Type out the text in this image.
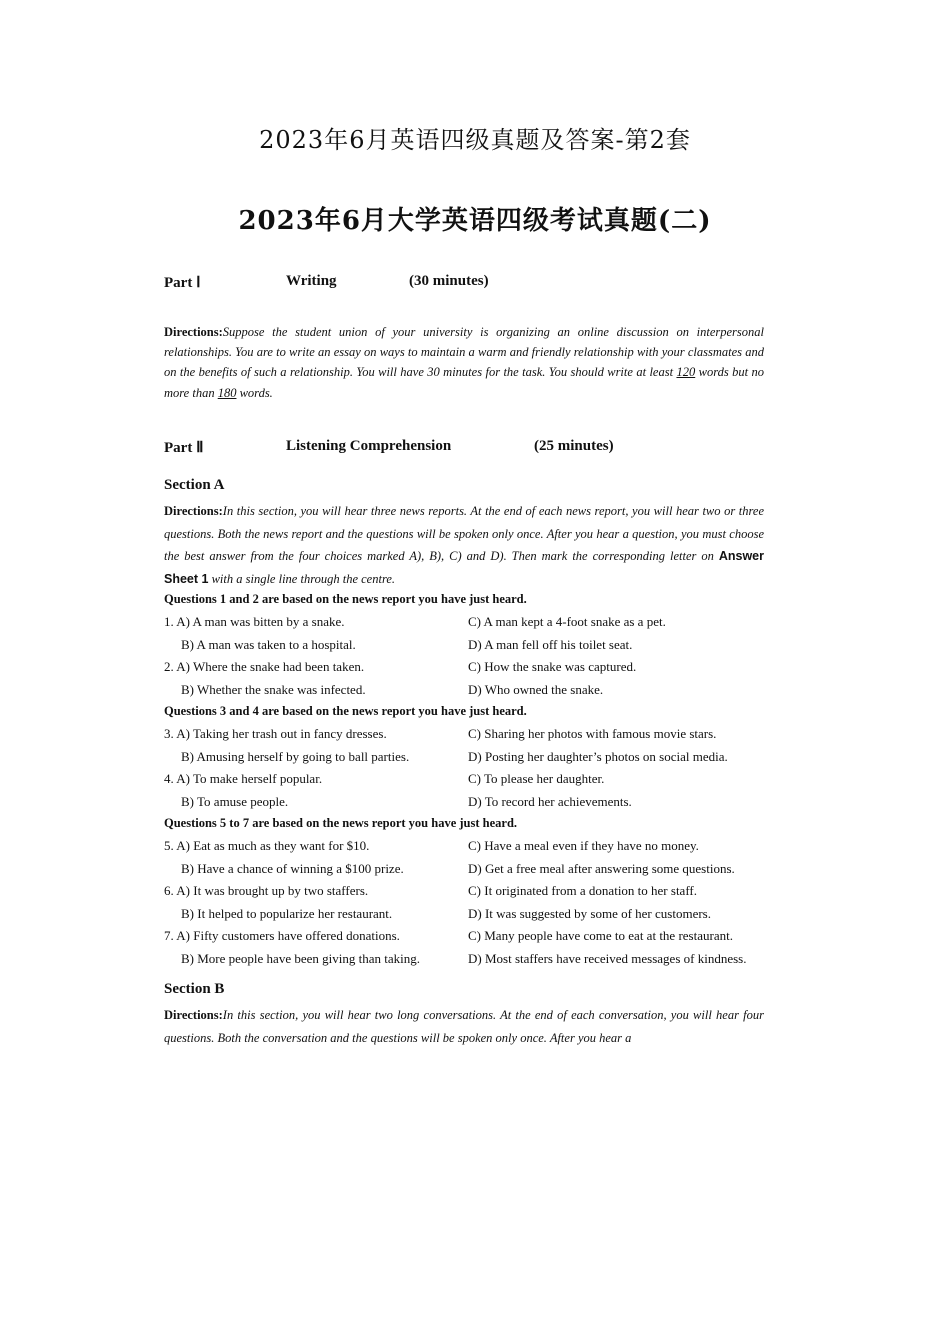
2023年6月英语四级真题及答案-第2套
2023年6月大学英语四级考试真题(二)
Part Ⅰ	Writing	(30 minutes)
Directions:Suppose the student union of your university is organizing an online discussion on interpersonal relationships. You are to write an essay on ways to maintain a warm and friendly relationship with your classmates and on the benefits of such a relationship. You will have 30 minutes for the task. You should write at least 120 words but no more than 180 words.
Part Ⅱ	Listening Comprehension	(25 minutes)
Section A
Directions:In this section, you will hear three news reports. At the end of each news report, you will hear two or three questions. Both the news report and the questions will be spoken only once. After you hear a question, you must choose the best answer from the four choices marked A), B), C) and D). Then mark the corresponding letter on Answer Sheet 1 with a single line through the centre.
Questions 1 and 2 are based on the news report you have just heard.
1. A) A man was bitten by a snake.	C) A man kept a 4-foot snake as a pet.
B) A man was taken to a hospital.	D) A man fell off his toilet seat.
2. A) Where the snake had been taken.	C) How the snake was captured.
B) Whether the snake was infected.	D) Who owned the snake.
Questions 3 and 4 are based on the news report you have just heard.
3. A) Taking her trash out in fancy dresses.	C) Sharing her photos with famous movie stars.
B) Amusing herself by going to ball parties.	D) Posting her daughter’s photos on social media.
4. A) To make herself popular.	C) To please her daughter.
B) To amuse people.	D) To record her achievements.
Questions 5 to 7 are based on the news report you have just heard.
5. A) Eat as much as they want for $10.	C) Have a meal even if they have no money.
B) Have a chance of winning a $100 prize.	D) Get a free meal after answering some questions.
6. A) It was brought up by two staffers.	C) It originated from a donation to her staff.
B) It helped to popularize her restaurant.	D) It was suggested by some of her customers.
7. A) Fifty customers have offered donations.	C) Many people have come to eat at the restaurant.
B) More people have been giving than taking.	D) Most staffers have received messages of kindness.
Section B
Directions:In this section, you will hear two long conversations. At the end of each conversation, you will hear four questions. Both the conversation and the questions will be spoken only once. After you hear a
